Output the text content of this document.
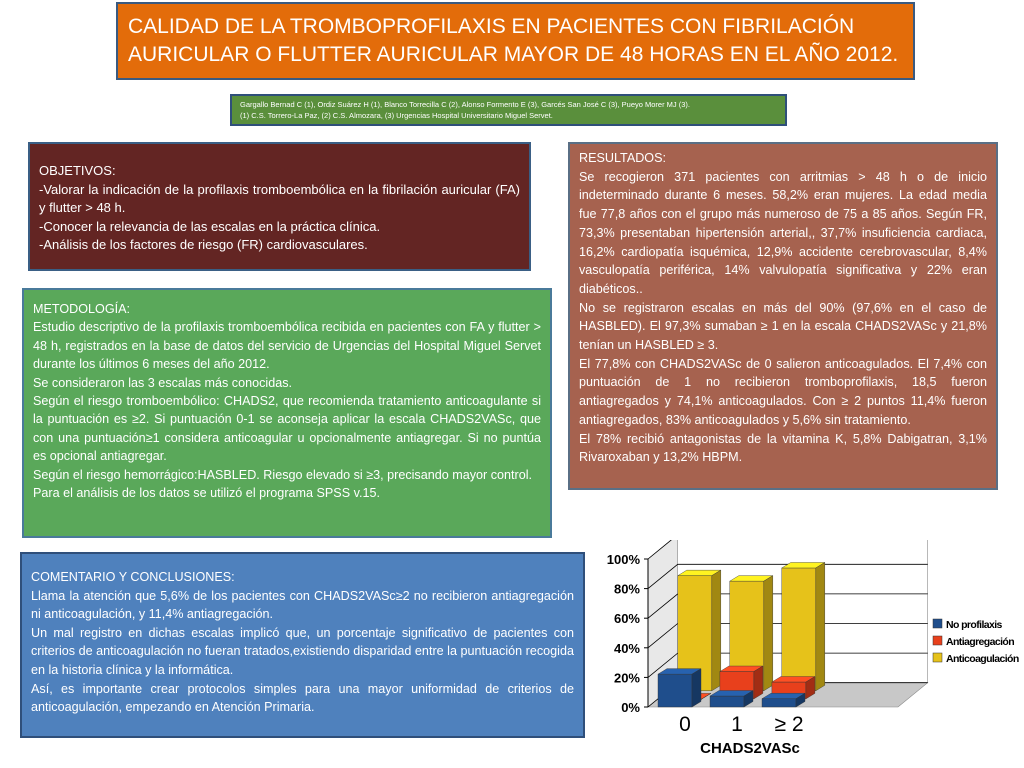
CALIDAD DE LA TROMBOPROFILAXIS EN PACIENTES CON FIBRILACIÓN AURICULAR O FLUTTER AURICULAR MAYOR DE 48 HORAS EN EL AÑO 2012.
Gargallo Bernad C (1), Ordiz Suárez H (1), Blanco Torrecilla C (2), Alonso Formento E (3), Garcés San José C (3), Pueyo Morer MJ (3).
(1) C.S. Torrero-La Paz, (2) C.S. Almozara, (3) Urgencias Hospital Universitario Miguel Servet.

OBJETIVOS:

-Valorar la indicación de la profilaxis tromboembólica en la fibrilación auricular (FA) y flutter > 48 h.

-Conocer la relevancia de las escalas en la práctica clínica.

-Análisis de los factores de riesgo (FR) cardiovasculares.

RESULTADOS:

Se recogieron 371 pacientes con arritmias > 48 h o de inicio indeterminado durante 6 meses. 58,2% eran mujeres. La edad media fue 77,8 años con el grupo más numeroso de 75 a 85 años. Según FR, 73,3% presentaban hipertensión arterial,, 37,7% insuficiencia cardiaca, 16,2% cardiopatía isquémica, 12,9% accidente cerebrovascular, 8,4% vasculopatía periférica, 14% valvulopatía significativa y 22% eran diabéticos..

No se registraron escalas en más del 90% (97,6% en el caso de HASBLED). El 97,3% sumaban ≥ 1 en la escala CHADS2VASc y 21,8% tenían un HASBLED ≥ 3.

El 77,8% con CHADS2VASc de 0 salieron anticoagulados. El 7,4% con puntuación de 1 no recibieron tromboprofilaxis, 18,5 fueron antiagregados y 74,1% anticoagulados. Con ≥ 2 puntos 11,4% fueron antiagregados, 83% anticoagulados y 5,6% sin tratamiento.

El 78% recibió antagonistas de la vitamina K, 5,8% Dabigatran, 3,1% Rivaroxaban y 13,2% HBPM.

METODOLOGÍA:

Estudio descriptivo de la profilaxis tromboembólica recibida en pacientes con FA y flutter > 48 h, registrados en la base de datos del servicio de Urgencias del Hospital Miguel Servet durante los últimos 6 meses del año 2012.

Se consideraron las 3 escalas más conocidas.

Según el riesgo tromboembólico: CHADS2, que recomienda tratamiento anticoagulante si la puntuación es ≥2. Si puntuación 0-1 se aconseja aplicar la escala CHADS2VASc, que con una puntuación≥1 considera anticoagular u opcionalmente antiagregar. Si no puntúa es opcional antiagregar.

Según el riesgo hemorrágico:HASBLED. Riesgo elevado si ≥3, precisando mayor control.

Para el análisis de los datos se utilizó el programa SPSS v.15.

COMENTARIO Y CONCLUSIONES:

Llama la atención que 5,6% de los pacientes con CHADS2VASc≥2 no recibieron antiagregación ni anticoagulación, y 11,4% antiagregación.

Un mal registro en dichas escalas implicó que, un porcentaje significativo de pacientes con criterios de anticoagulación no fueran tratados,existiendo disparidad entre la puntuación recogida en la historia clínica y la informática.

Así, es importante crear protocolos simples para una mayor uniformidad de criterios de anticoagulación, empezando en Atención Primaria.	0%
20%
40%
60%
80%
100%
0 1 ≥ 2
CHADS2VASc
No profilaxis
Antiagregación
Anticoagulación
